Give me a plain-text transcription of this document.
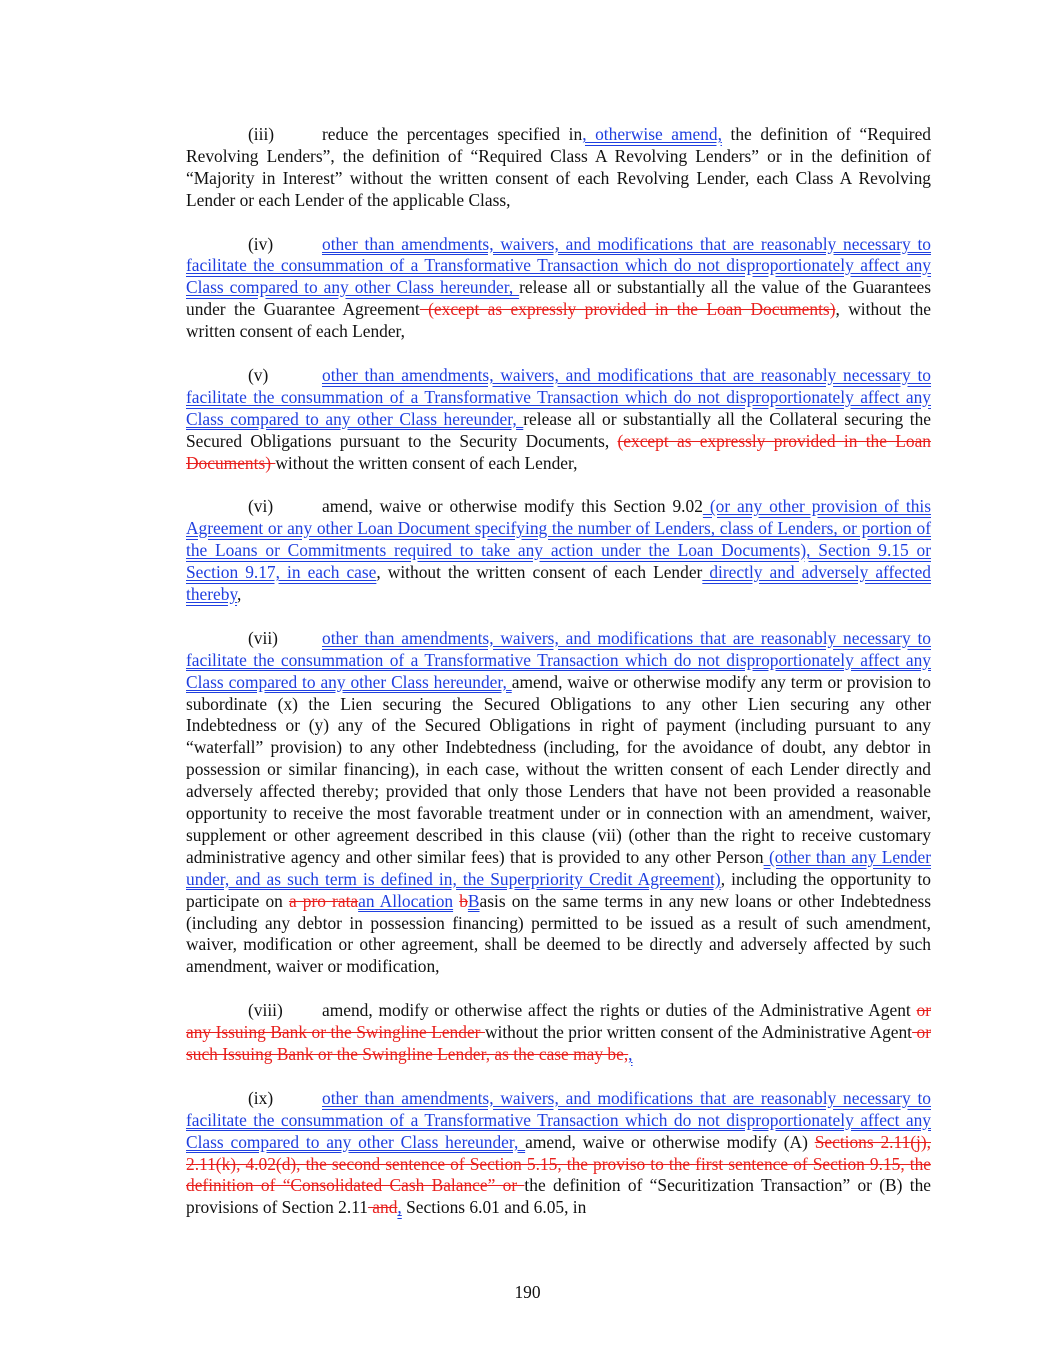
(iii)	reduce the percentages specified in, otherwise amend, the definition of “Required Revolving Lenders”, the definition of “Required Class A Revolving Lenders” or in the definition of “Majority in Interest” without the written consent of each Revolving Lender, each Class A Revolving Lender or each Lender of the applicable Class,

(iv)	other than amendments, waivers, and modifications that are reasonably necessary to facilitate the consummation of a Transformative Transaction which do not disproportionately affect any Class compared to any other Class hereunder, release all or substantially all the value of the Guarantees under the Guarantee Agreement (except as expressly provided in the Loan Documents), without the written consent of each Lender,

(v)	other than amendments, waivers, and modifications that are reasonably necessary to facilitate the consummation of a Transformative Transaction which do not disproportionately affect any Class compared to any other Class hereunder, release all or substantially all the Collateral securing the Secured Obligations pursuant to the Security Documents, (except as expressly provided in the Loan Documents) without the written consent of each Lender,

(vi)	amend, waive or otherwise modify this Section 9.02 (or any other provision of this Agreement or any other Loan Document specifying the number of Lenders, class of Lenders, or portion of the Loans or Commitments required to take any action under the Loan Documents), Section 9.15 or Section 9.17, in each case, without the written consent of each Lender directly and adversely affected thereby,

(vii)	other than amendments, waivers, and modifications that are reasonably necessary to facilitate the consummation of a Transformative Transaction which do not disproportionately affect any Class compared to any other Class hereunder, amend, waive or otherwise modify any term or provision to subordinate (x) the Lien securing the Secured Obligations to any other Lien securing any other Indebtedness or (y) any of the Secured Obligations in right of payment (including pursuant to any “waterfall” provision) to any other Indebtedness (including, for the avoidance of doubt, any debtor in possession or similar financing), in each case, without the written consent of each Lender directly and adversely affected thereby; provided that only those Lenders that have not been provided a reasonable opportunity to receive the most favorable treatment under or in connection with an amendment, waiver, supplement or other agreement described in this clause (vii) (other than the right to receive customary administrative agency and other similar fees) that is provided to any other Person (other than any Lender under, and as such term is defined in, the Superpriority Credit Agreement), including the opportunity to participate on a pro rataan Allocation bBasis on the same terms in any new loans or other Indebtedness (including any debtor in possession financing) permitted to be issued as a result of such amendment, waiver, modification or other agreement, shall be deemed to be directly and adversely affected by such amendment, waiver or modification,

(viii) amend, modify or otherwise affect the rights or duties of the Administrative Agent or any Issuing Bank or the Swingline Lender without the prior written consent of the Administrative Agent or such Issuing Bank or the Swingline Lender, as the case may be,,

(ix)	other than amendments, waivers, and modifications that are reasonably necessary to facilitate the consummation of a Transformative Transaction which do not disproportionately affect any Class compared to any other Class hereunder, amend, waive or otherwise modify (A) Sections 2.11(j), 2.11(k), 4.02(d), the second sentence of Section 5.15, the proviso to the first sentence of Section 9.15, the definition of “Consolidated Cash Balance” or the definition of “Securitization Transaction” or (B) the provisions of Section 2.11 and, Sections 6.01 and 6.05, in

190
